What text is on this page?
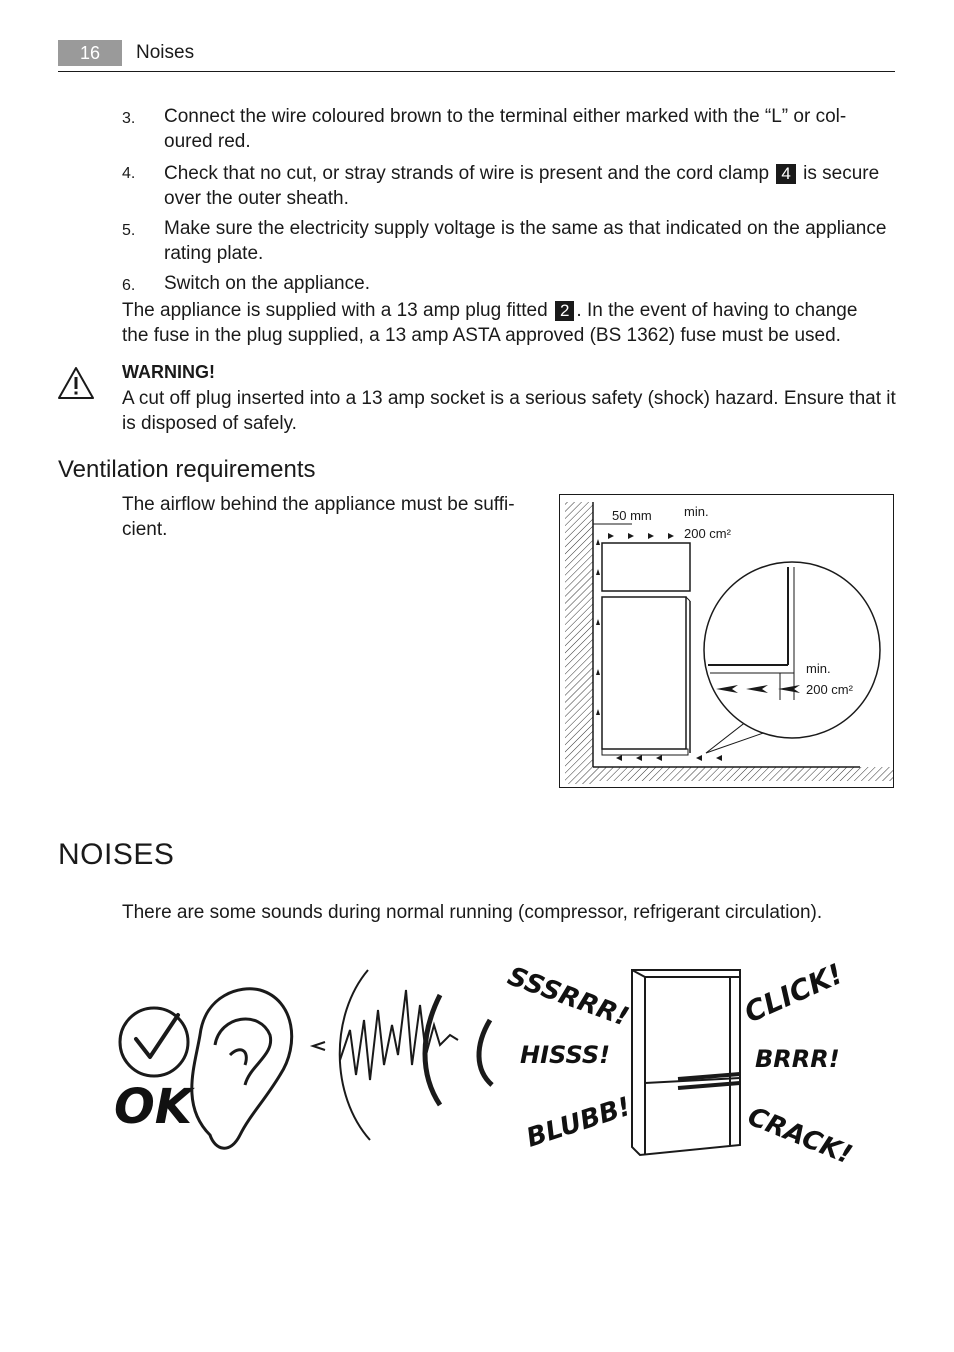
16	Noises
3. Connect the wire coloured brown to the terminal either marked with the “L” or col- oured red.
4. Check that no cut, or stray strands of wire is present and the cord clamp 4 is secure over the outer sheath.
5. Make sure the electricity supply voltage is the same as that indicated on the appliance rating plate.
6. Switch on the appliance.
The appliance is supplied with a 13 amp plug fitted 2 . In the event of having to change the fuse in the plug supplied, a 13 amp ASTA approved (BS 1362) fuse must be used.
WARNING!
A cut off plug inserted into a 13 amp socket is a serious safety (shock) hazard. Ensure that it is disposed of safely.
Ventilation requirements
The airflow behind the appliance must be suffi- cient.
50 mm min.
200 cm²
min.
200 cm²
NOISES
There are some sounds during normal running (compressor, refrigerant circulation).
OK
SSSRRR!
HISSS!
BLUBB!
CLICK!
BRRR!
CRACK!
